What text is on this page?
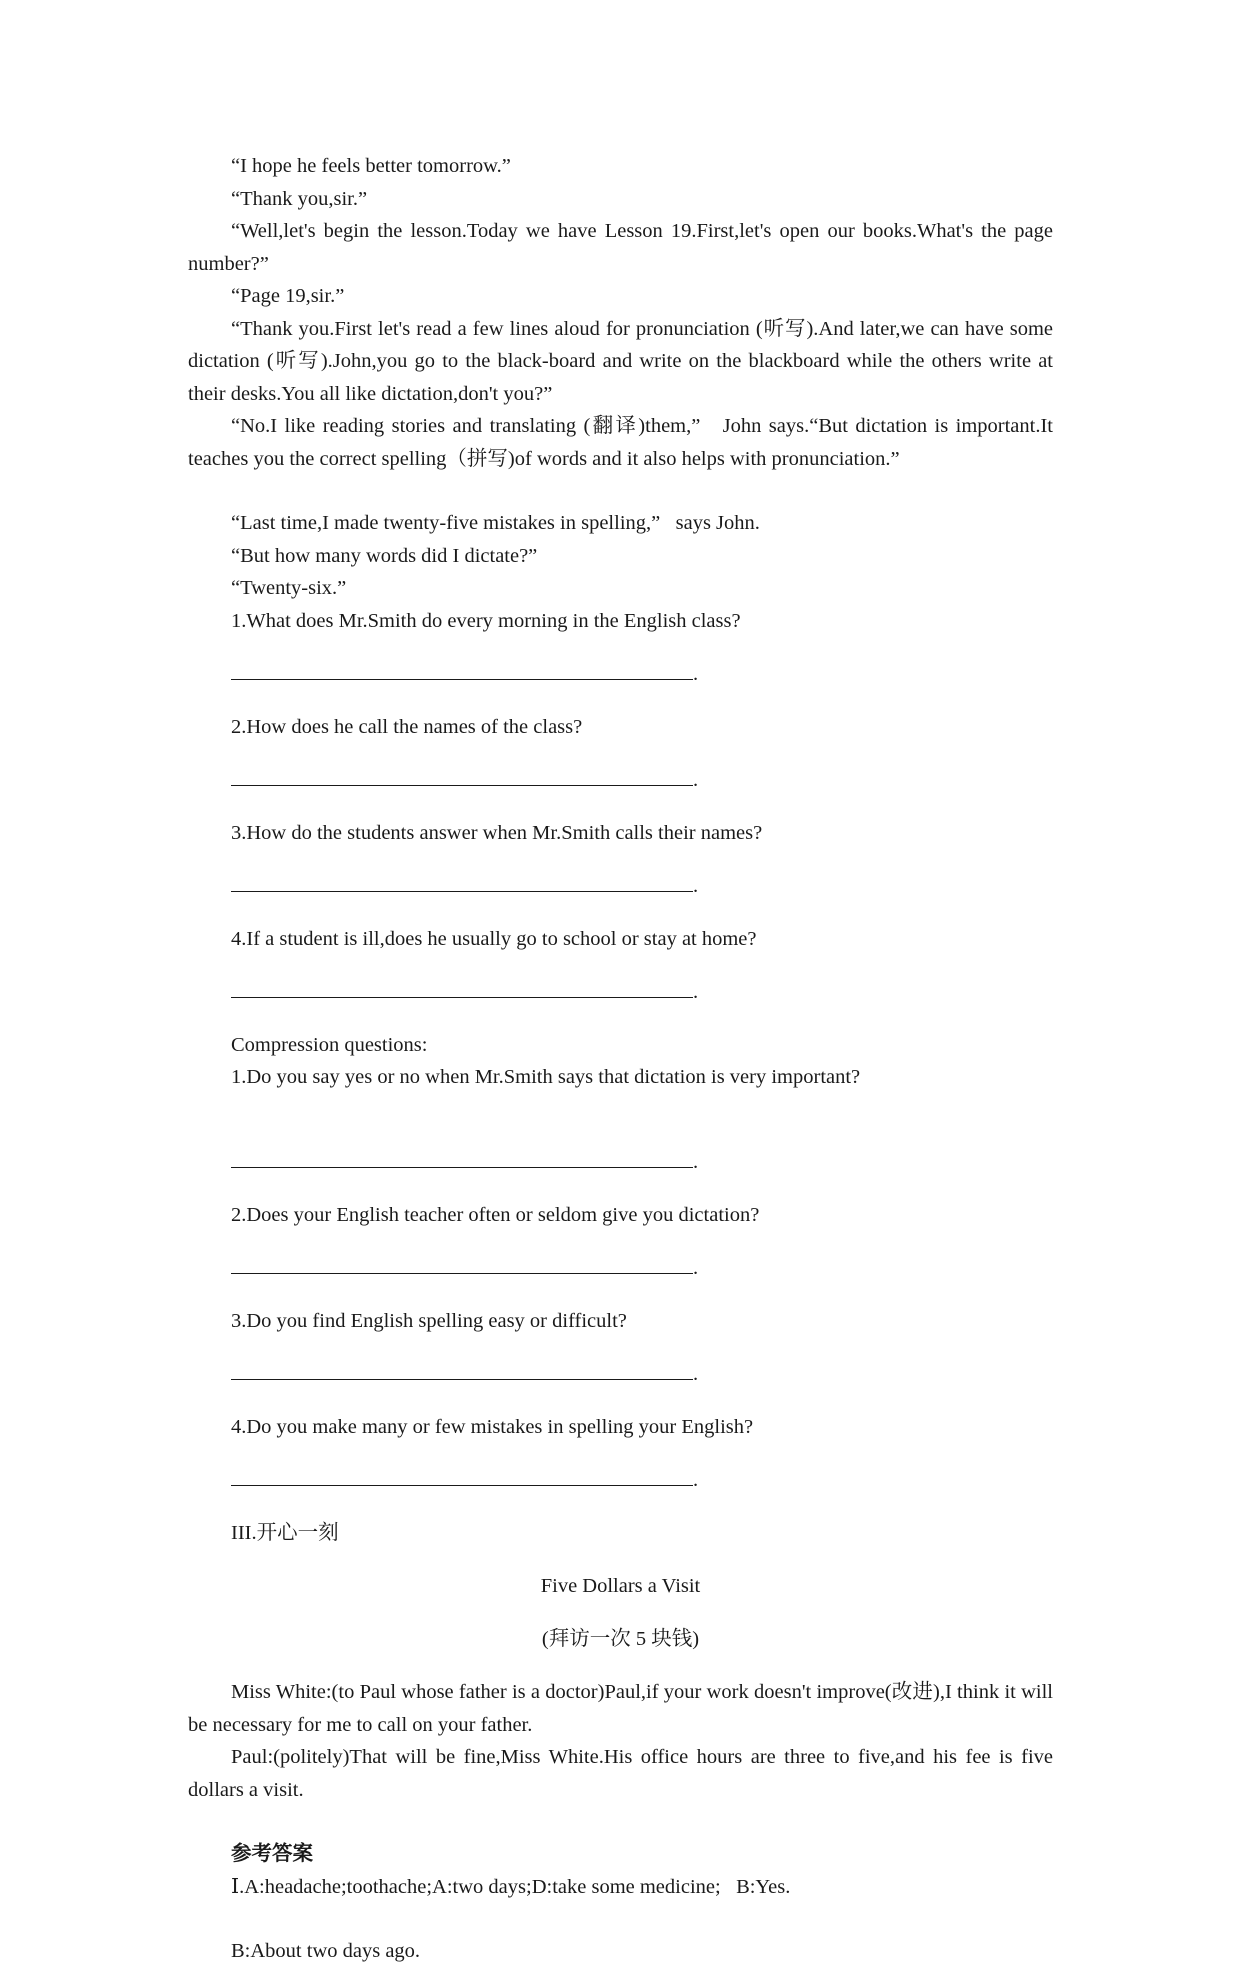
“I hope he feels better tomorrow.”

“Thank you,sir.”

“Well,let's begin the lesson.Today we have Lesson 19.First,let's open our books.What's the page number?”

“Page 19,sir.”

“Thank you.First let's read a few lines aloud for pronunciation (听写).And later,we can have some dictation (听写).John,you go to the black-board and write on the blackboard while the others write at their desks.You all like dictation,don't you?”

“No.I like reading stories and translating (翻译)them,”   John says.“But dictation is important.It teaches you the correct spelling（拼写)of words and it also helps with pronunciation.”

“Last time,I made twenty-five mistakes in spelling,”   says John.

“But how many words did I dictate?”

“Twenty-six.”

1.What does Mr.Smith do every morning in the English class?

.

2.How does he call the names of the class?

.

3.How do the students answer when Mr.Smith calls their names?

.

4.If a student is ill,does he usually go to school or stay at home?

.

Compression questions:

1.Do you say yes or no when Mr.Smith says that dictation is very important?

.

2.Does your English teacher often or seldom give you dictation?

.

3.Do you find English spelling easy or difficult?

.

4.Do you make many or few mistakes in spelling your English?

.

III.开心一刻

Five Dollars a Visit

(拜访一次 5 块钱)

Miss White:(to Paul whose father is a doctor)Paul,if your work doesn't improve(改进),I think it will be necessary for me to call on your father.

Paul:(politely)That will be fine,Miss White.His office hours are three to five,and his fee is five dollars a visit.

参考答案

Ⅰ.A:headache;toothache;A:two days;D:take some medicine;   B:Yes.

B:About two days ago.
